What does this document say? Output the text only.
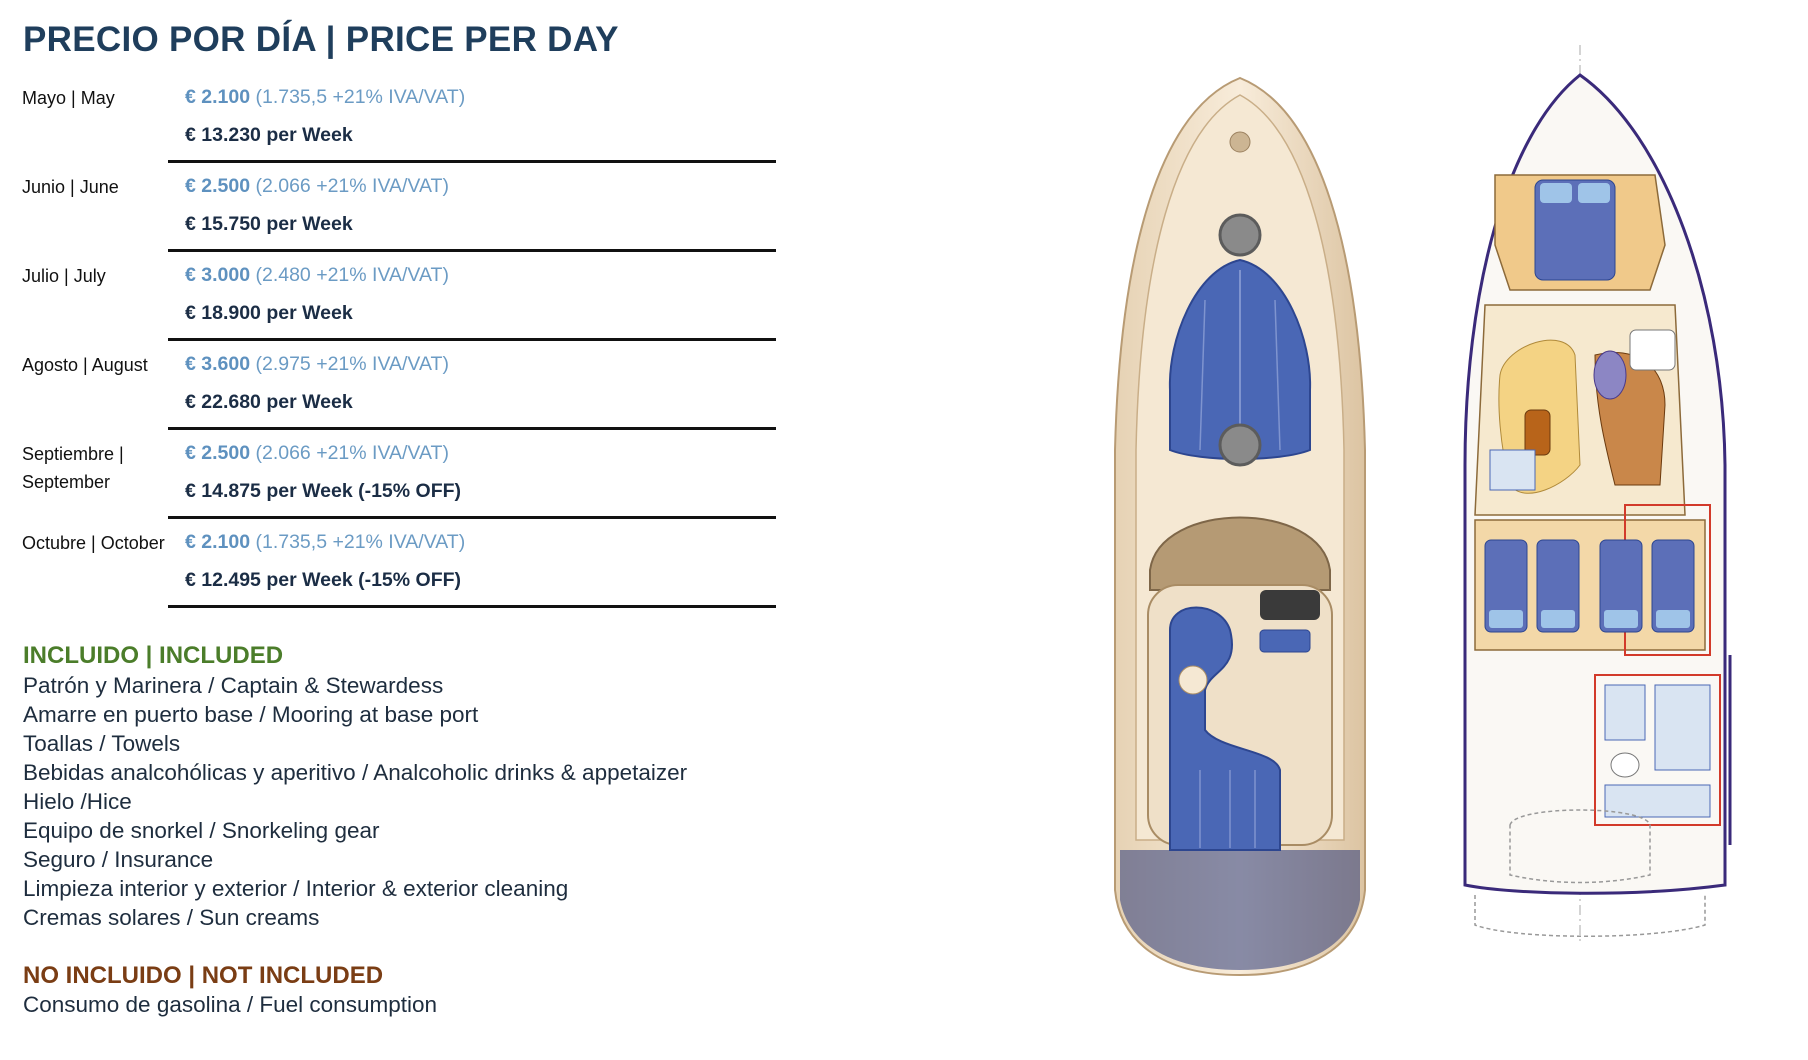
PRECIO POR DÍA | PRICE PER DAY
Mayo | May	€ 2.100 (1.735,5 +21% IVA/VAT)
€ 13.230 per Week
Junio | June	€ 2.500 (2.066 +21% IVA/VAT)
€ 15.750 per Week
Julio | July	€ 3.000 (2.480 +21% IVA/VAT)
€ 18.900 per Week
Agosto | August	€ 3.600 (2.975 +21% IVA/VAT)
€ 22.680 per Week
Septiembre | September
€ 2.500 (2.066 +21% IVA/VAT)
€ 14.875 per Week (-15% OFF)
Octubre | October	€ 2.100 (1.735,5 +21% IVA/VAT)
€ 12.495 per Week (-15% OFF)
INCLUIDO | INCLUDED
Patrón y Marinera / Captain & Stewardess
Amarre en puerto base / Mooring at base port
Toallas / Towels
Bebidas analcohólicas y aperitivo / Analcoholic drinks & appetaizer
Hielo /Hice
Equipo de snorkel / Snorkeling gear
Seguro / Insurance
Limpieza interior y exterior / Interior & exterior cleaning
Cremas solares / Sun creams
NO INCLUIDO | NOT INCLUDED
Consumo de gasolina / Fuel consumption
